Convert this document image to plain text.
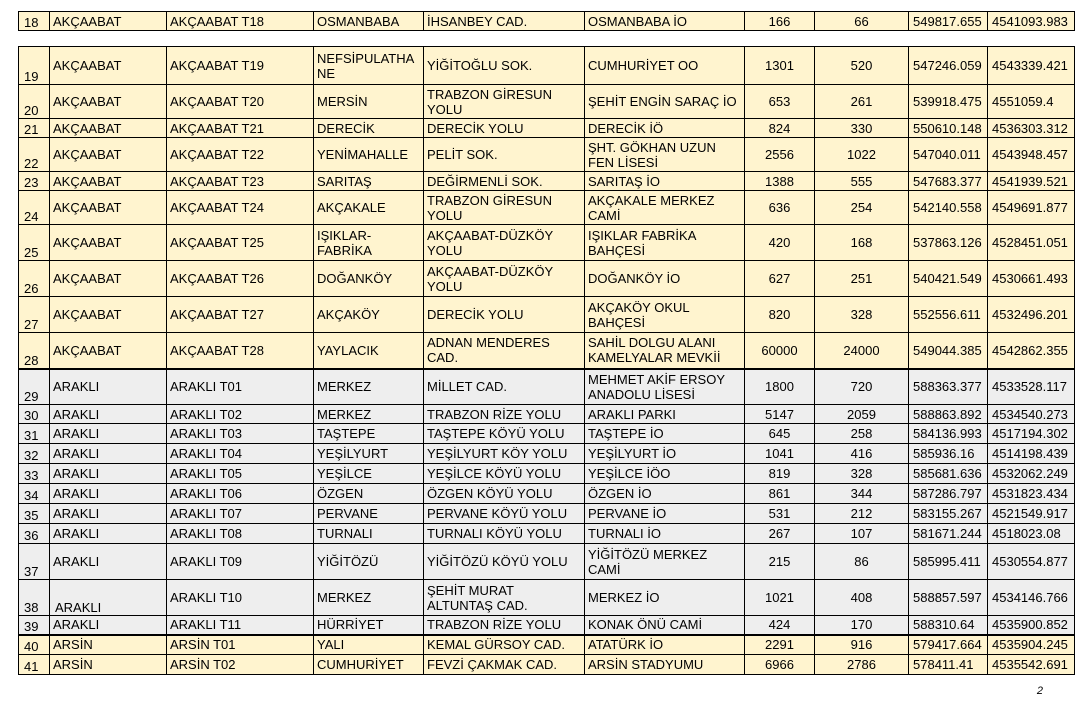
18	AKÇAABAT	AKÇAABAT T18	OSMANBABA	İHSANBEY CAD.	OSMANBABA İO	166	66	549817.655	4541093.983
19	AKÇAABAT	AKÇAABAT T19	NEFSİPULATHA NE	YİĞİTOĞLU SOK.	CUMHURİYET OO	1301	520	547246.059	4543339.421
20	AKÇAABAT	AKÇAABAT T20	MERSİN	TRABZON GİRESUN YOLU	ŞEHİT ENGİN SARAÇ İO	653	261	539918.475	4551059.4
21	AKÇAABAT	AKÇAABAT T21	DERECİK	DERECİK YOLU	DERECİK İÖ	824	330	550610.148	4536303.312
22	AKÇAABAT	AKÇAABAT T22	YENİMAHALLE	PELİT SOK.	ŞHT. GÖKHAN UZUN FEN LİSESİ	2556	1022	547040.011	4543948.457
23	AKÇAABAT	AKÇAABAT T23	SARITAŞ	DEĞİRMENLİ SOK.	SARITAŞ İO	1388	555	547683.377	4541939.521
24	AKÇAABAT	AKÇAABAT T24	AKÇAKALE	TRABZON GİRESUN YOLU	AKÇAKALE MERKEZ CAMİ	636	254	542140.558	4549691.877
25	AKÇAABAT	AKÇAABAT T25	IŞIKLAR-FABRİKA	AKÇAABAT-DÜZKÖY YOLU	IŞIKLAR FABRİKA BAHÇESİ	420	168	537863.126	4528451.051
26	AKÇAABAT	AKÇAABAT T26	DOĞANKÖY	AKÇAABAT-DÜZKÖY YOLU	DOĞANKÖY İO	627	251	540421.549	4530661.493
27	AKÇAABAT	AKÇAABAT T27	AKÇAKÖY	DERECİK YOLU	AKÇAKÖY OKUL BAHÇESİ	820	328	552556.611	4532496.201
28	AKÇAABAT	AKÇAABAT T28	YAYLACIK	ADNAN MENDERES CAD.	SAHİL DOLGU ALANI KAMELYALAR MEVKİİ	60000	24000	549044.385	4542862.355
29	ARAKLI	ARAKLI T01	MERKEZ	MİLLET CAD.	MEHMET AKİF ERSOY ANADOLU LİSESİ	1800	720	588363.377	4533528.117
30	ARAKLI	ARAKLI T02	MERKEZ	TRABZON RİZE YOLU	ARAKLI PARKI	5147	2059	588863.892	4534540.273
31	ARAKLI	ARAKLI T03	TAŞTEPE	TAŞTEPE KÖYÜ YOLU	TAŞTEPE İO	645	258	584136.993	4517194.302
32	ARAKLI	ARAKLI T04	YEŞİLYURT	YEŞİLYURT KÖY YOLU	YEŞİLYURT İO	1041	416	585936.16	4514198.439
33	ARAKLI	ARAKLI T05	YEŞİLCE	YEŞİLCE KÖYÜ YOLU	YEŞİLCE İÖO	819	328	585681.636	4532062.249
34	ARAKLI	ARAKLI T06	ÖZGEN	ÖZGEN KÖYÜ YOLU	ÖZGEN İO	861	344	587286.797	4531823.434
35	ARAKLI	ARAKLI T07	PERVANE	PERVANE KÖYÜ YOLU	PERVANE İO	531	212	583155.267	4521549.917
36	ARAKLI	ARAKLI T08	TURNALI	TURNALI KÖYÜ YOLU	TURNALI İO	267	107	581671.244	4518023.08
37	ARAKLI	ARAKLI T09	YİĞİTÖZÜ	YİĞİTÖZÜ KÖYÜ YOLU	YİĞİTÖZÜ MERKEZ CAMİ	215	86	585995.411	4530554.877
38	ARAKLI	ARAKLI T10	MERKEZ	ŞEHİT MURAT ALTUNTAŞ CAD.	MERKEZ İO	1021	408	588857.597	4534146.766
39	ARAKLI	ARAKLI T11	HÜRRİYET	TRABZON RİZE YOLU	KONAK ÖNÜ CAMİ	424	170	588310.64	4535900.852
40	ARSİN	ARSİN T01	YALI	KEMAL GÜRSOY CAD.	ATATÜRK İO	2291	916	579417.664	4535904.245
41	ARSİN	ARSİN T02	CUMHURİYET	FEVZİ ÇAKMAK CAD.	ARSİN STADYUMU	6966	2786	578411.41	4535542.691
2
